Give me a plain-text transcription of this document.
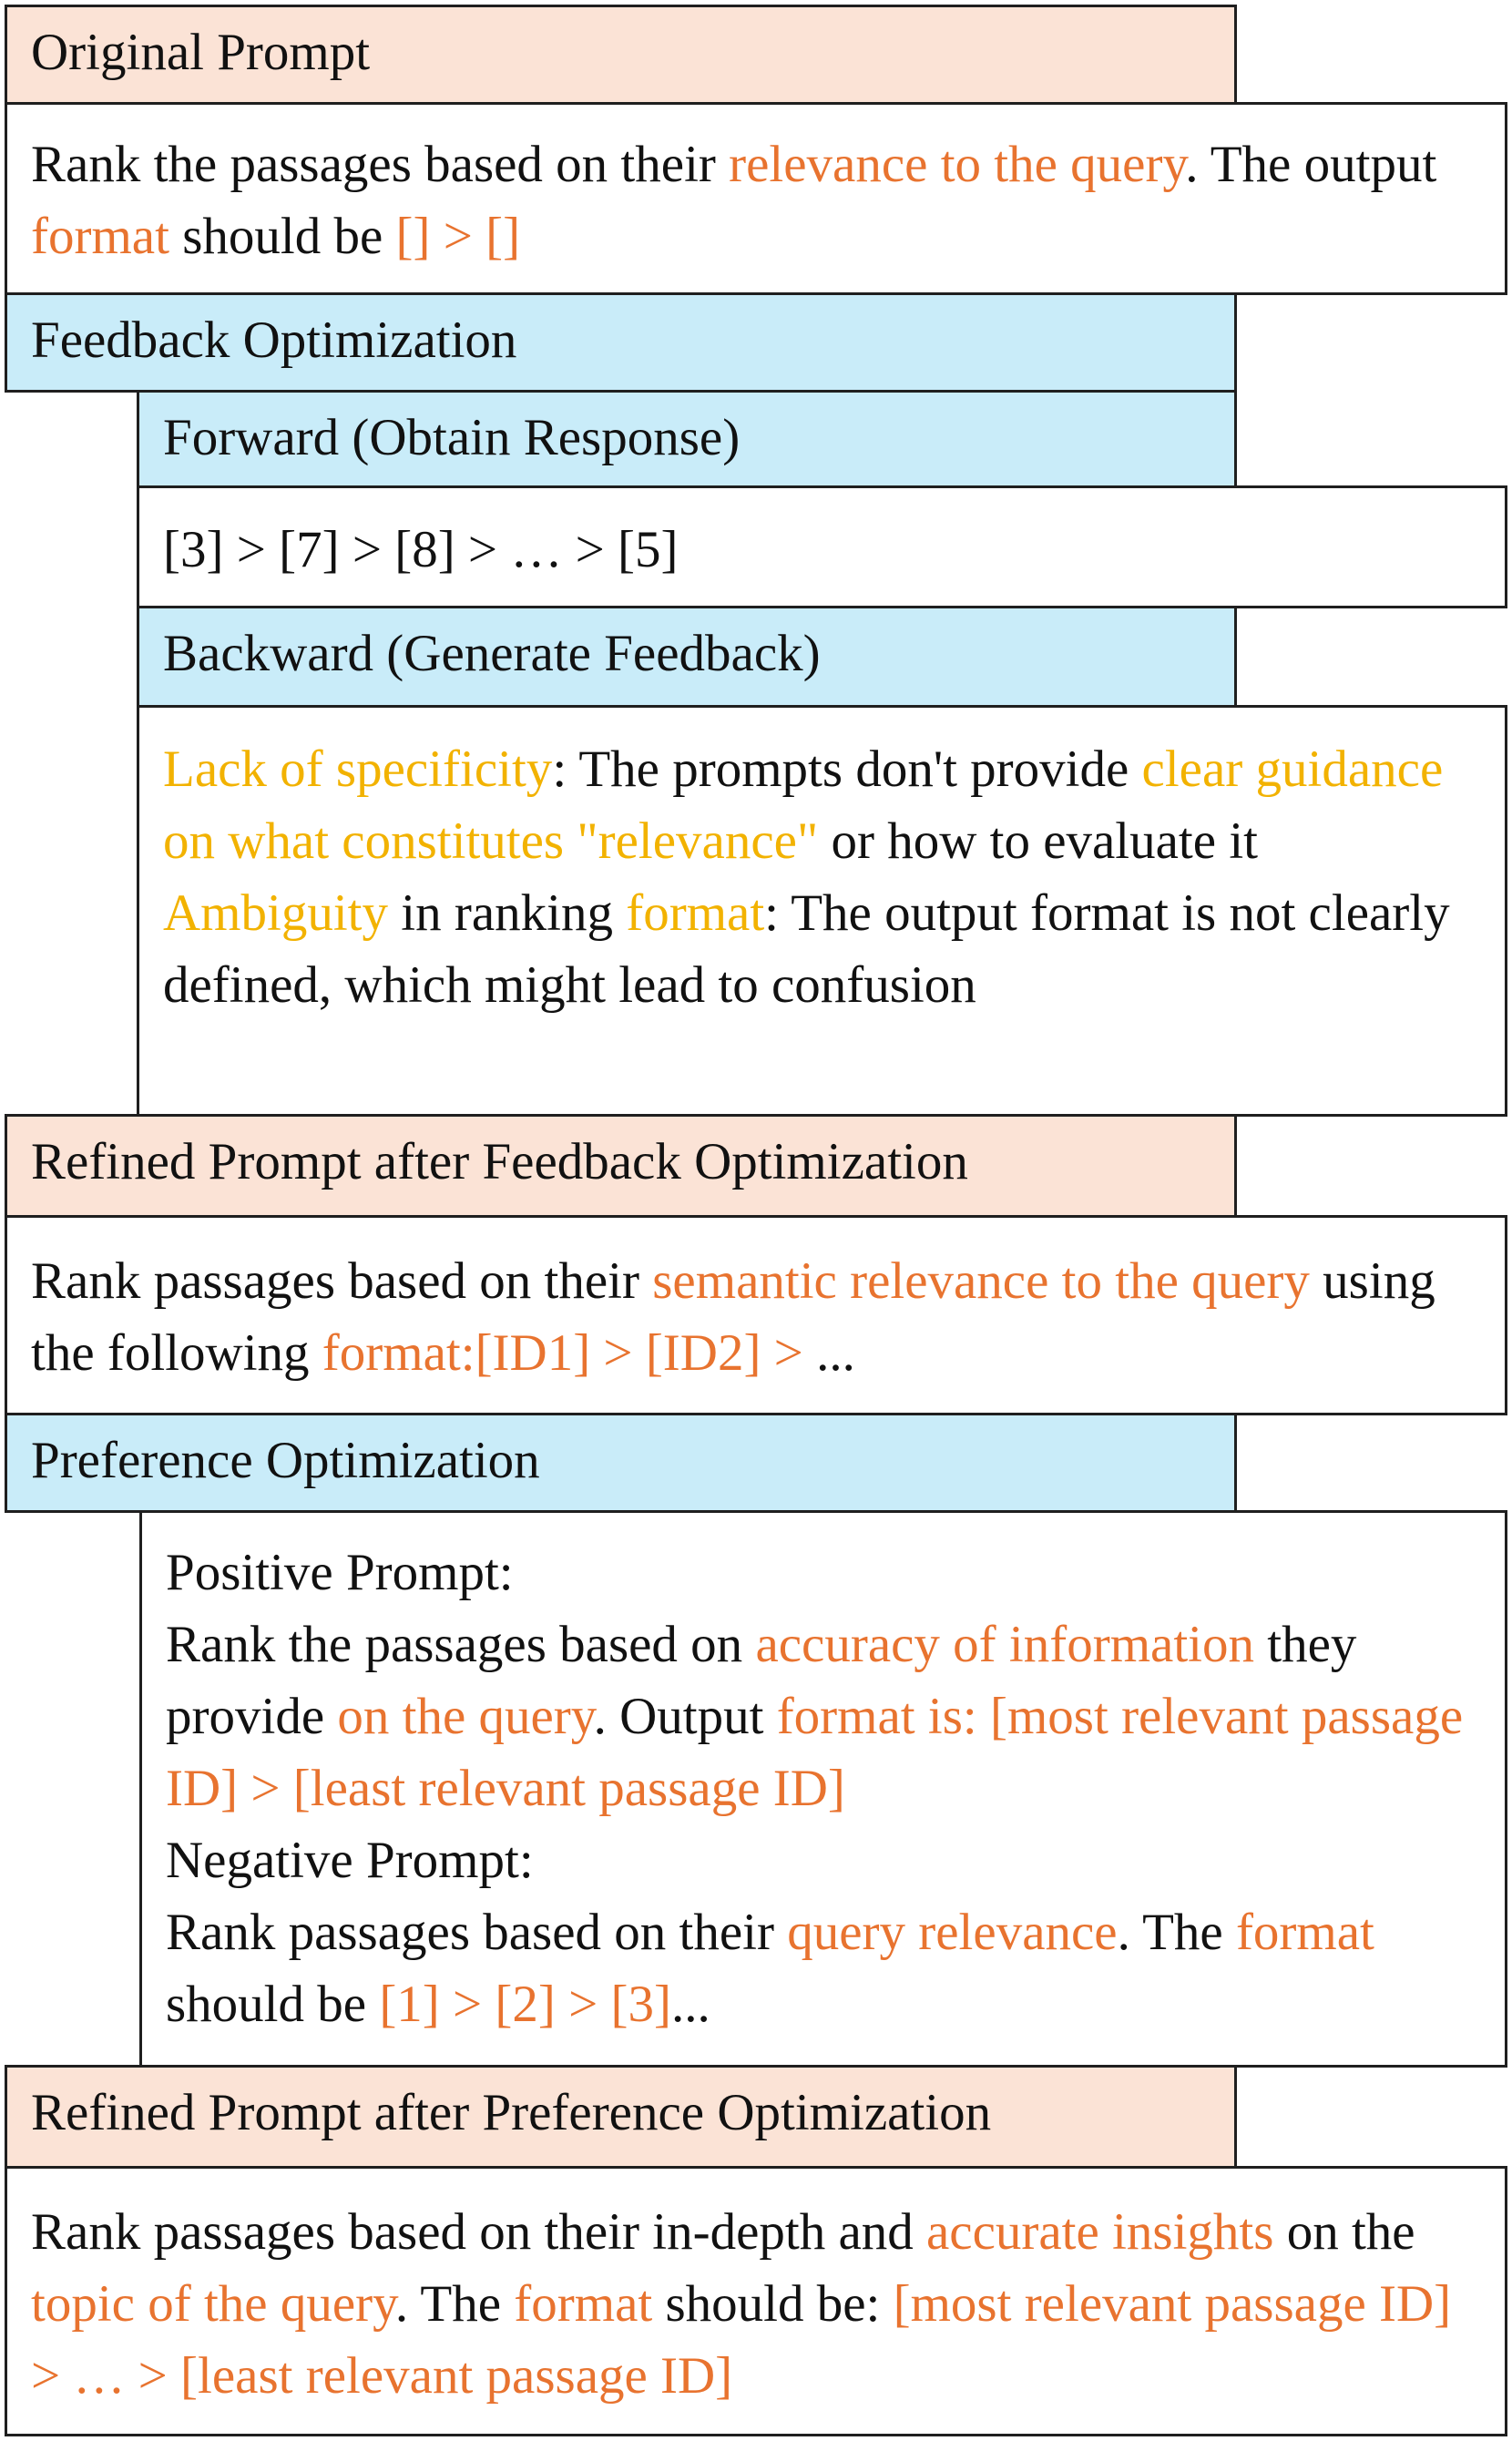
Original Prompt
Rank the passages based on their relevance to the query. The output format should be [] > []
Feedback Optimization
Forward (Obtain Response)
[3] > [7] > [8] > … > [5]
Backward (Generate Feedback)
Lack of specificity: The prompts don't provide clear guidance on what constitutes "relevance" or how to evaluate it
Ambiguity in ranking format: The output format is not clearly defined, which might lead to confusion
Refined Prompt after Feedback Optimization
Rank passages based on their semantic relevance to the query using the following format:[ID1] > [ID2] > ...
Preference Optimization
Positive Prompt:
Rank the passages based on accuracy of information they provide on the query. Output format is: [most relevant passage ID] > [least relevant passage ID]
Negative Prompt:
Rank passages based on their query relevance. The format should be [1] > [2] > [3]...
Refined Prompt after Preference Optimization
Rank passages based on their in-depth and accurate insights on the topic of the query. The format should be: [most relevant passage ID] > … > [least relevant passage ID]
